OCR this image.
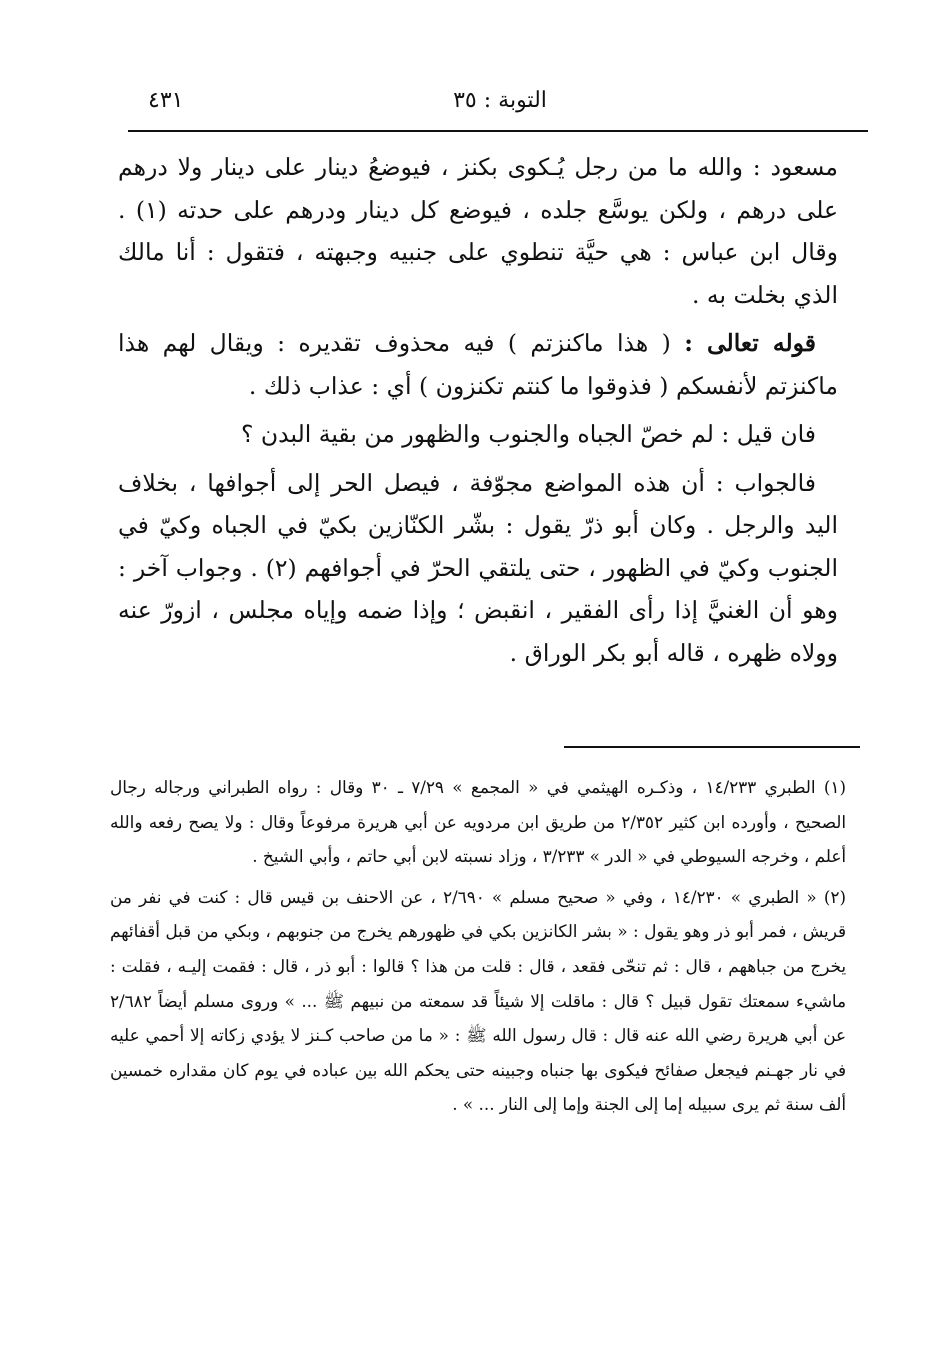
التوبة : ٣٥
٤٣١

مسعود : والله ما من رجل يُـكوى بكنز ، فيوضعُ دينار على دينار ولا درهم على درهم ، ولكن يوسَّع جلده ، فيوضع كل دينار ودرهم على حدته (١) . وقال ابن عباس : هي حيَّة تنطوي على جنبيه وجبهته ، فتقول : أنا مالك الذي بخلت به .

قوله تعالى : ( هذا ماكنزتم ) فيه محذوف تقديره : ويقال لهم هذا ماكنزتم لأنفسكم ( فذوقوا ما كنتم تكنزون ) أي : عذاب ذلك .

فان قيل : لم خصّ الجباه والجنوب والظهور من بقية البدن ؟

فالجواب : أن هذه المواضع مجوّفة ، فيصل الحر إلى أجوافها ، بخلاف اليد والرجل . وكان أبو ذرّ يقول : بشّر الكنّازين بكيّ في الجباه وكيّ في الجنوب وكيّ في الظهور ، حتى يلتقي الحرّ في أجوافهم (٢) . وجواب آخر : وهو أن الغنيَّ إذا رأى الفقير ، انقبض ؛ وإذا ضمه وإياه مجلس ، ازورّ عنه وولاه ظهره ، قاله أبو بكر الوراق .

(١) الطبري ١٤/٢٣٣ ، وذكـره الهيثمي في « المجمع » ٧/٢٩ ـ ٣٠ وقال : رواه الطبراني ورجاله رجال الصحيح ، وأورده ابن كثير ٢/٣٥٢ من طريق ابن مردويه عن أبي هريرة مرفوعاً وقال : ولا يصح رفعه والله أعلم ، وخرجه السيوطي في « الدر » ٣/٢٣٣ ، وزاد نسبته لابن أبي حاتم ، وأبي الشيخ .

(٢) « الطبري » ١٤/٢٣٠ ، وفي « صحيح مسلم » ٢/٦٩٠ ، عن الاحنف بن قيس قال : كنت في نفر من قريش ، فمر أبو ذر وهو يقول : « بشر الكانزين بكي في ظهورهم يخرج من جنوبهم ، وبكي من قبل أقفائهم يخرج من جباههم ، قال : ثم تنحّى فقعد ، قال : قلت من هذا ؟ قالوا : أبو ذر ، قال : فقمت إليـه ، فقلت : ماشيء سمعتك تقول قبيل ؟ قال : ماقلت إلا شيئاً قد سمعته من نبيهم ﷺ ... » وروى مسلم أيضاً ٢/٦٨٢ عن أبي هريرة رضي الله عنه قال : قال رسول الله ﷺ : « ما من صاحب كـنز لا يؤدي زكاته إلا أحمي عليه في نار جهـنم فيجعل صفائح فيكوى بها جنباه وجبينه حتى يحكم الله بين عباده في يوم كان مقداره خمسين ألف سنة ثم يرى سبيله إما إلى الجنة وإما إلى النار ... » .
